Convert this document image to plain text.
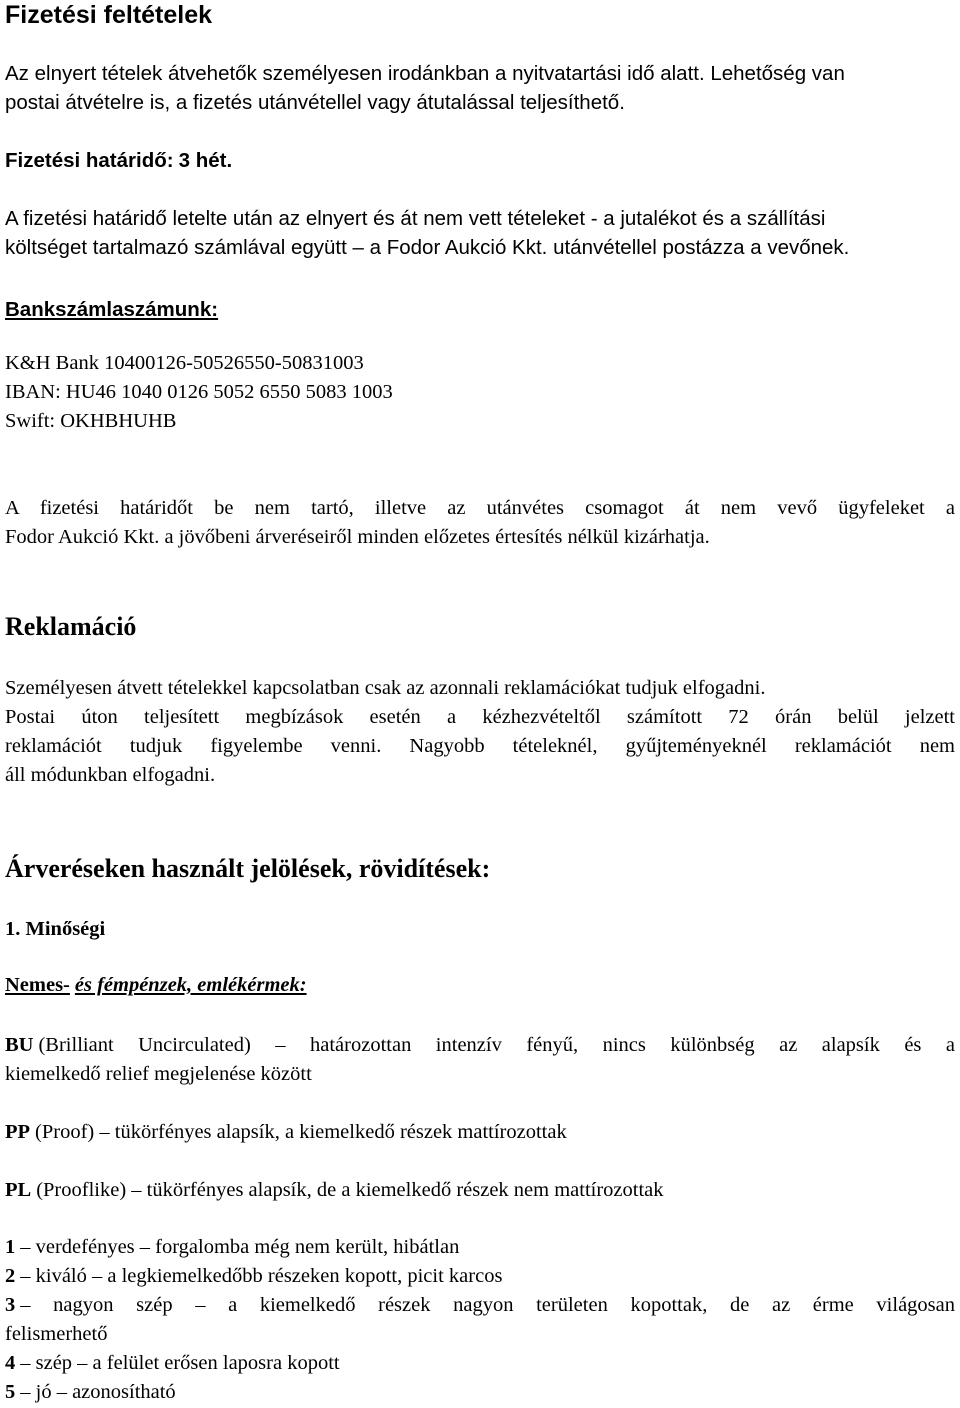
Fizetési feltételek
Az elnyert tételek átvehetők személyesen irodánkban a nyitvatartási idő alatt. Lehetőség van
postai átvételre is, a fizetés utánvétellel vagy átutalással teljesíthető.
Fizetési határidő: 3 hét.
A fizetési határidő letelte után az elnyert és át nem vett tételeket - a jutalékot és a szállítási
költséget tartalmazó számlával együtt – a Fodor Aukció Kkt. utánvétellel postázza a vevőnek.
Bankszámlaszámunk:
K&H Bank 10400126-50526550-50831003
IBAN: HU46 1040 0126 5052 6550 5083 1003
Swift: OKHBHUHB
A fizetési határidőt be nem tartó, illetve az utánvétes csomagot át nem vevő ügyfeleket a
Fodor Aukció Kkt. a jövőbeni árveréseiről minden előzetes értesítés nélkül kizárhatja.
Reklamáció
Személyesen átvett tételekkel kapcsolatban csak az azonnali reklamációkat tudjuk elfogadni.
Postai úton teljesített megbízások esetén a kézhezvételtől számított 72 órán belül jelzett
reklamációt tudjuk figyelembe venni. Nagyobb tételeknél, gyűjteményeknél reklamációt nem
áll módunkban elfogadni.
Árveréseken használt jelölések, rövidítések:
1. Minőségi
Nemes- és fémpénzek, emlékérmek:
BU (Brilliant Uncirculated) – határozottan intenzív fényű, nincs különbség az alapsík és a
kiemelkedő relief megjelenése között
PP (Proof) – tükörfényes alapsík, a kiemelkedő részek mattírozottak
PL (Prooflike) – tükörfényes alapsík, de a kiemelkedő részek nem mattírozottak
1 – verdefényes – forgalomba még nem került, hibátlan
2 – kiváló – a legkiemelkedőbb részeken kopott, picit karcos
3 – nagyon szép – a kiemelkedő részek nagyon területen kopottak, de az érme világosan
felismerhető
4 – szép – a felület erősen laposra kopott
5 – jó – azonosítható
